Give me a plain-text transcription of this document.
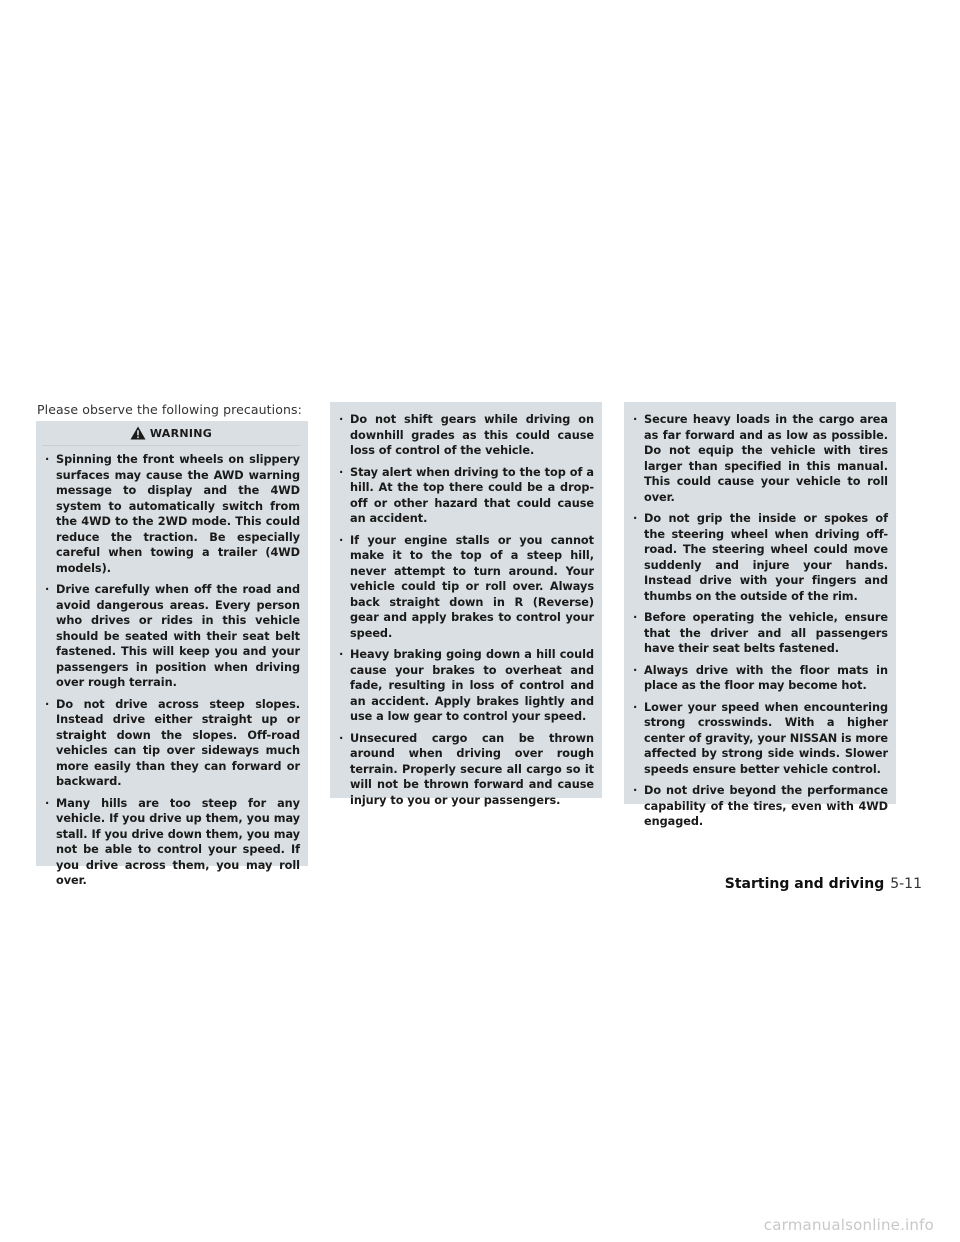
Please observe the following precautions:
WARNING
· Spinning the front wheels on slippery surfaces may cause the AWD warning message to display and the 4WD system to automatically switch from the 4WD to the 2WD mode. This could reduce the traction. Be especially careful when towing a trailer (4WD models).
· Drive carefully when off the road and avoid dangerous areas. Every person who drives or rides in this vehicle should be seated with their seat belt fastened. This will keep you and your passengers in position when driving over rough terrain.
· Do not drive across steep slopes. Instead drive either straight up or straight down the slopes. Off-road vehicles can tip over sideways much more easily than they can forward or backward.
· Many hills are too steep for any vehicle. If you drive up them, you may stall. If you drive down them, you may not be able to control your speed. If you drive across them, you may roll over.
· Do not shift gears while driving on downhill grades as this could cause loss of control of the vehicle.
· Stay alert when driving to the top of a hill. At the top there could be a drop-off or other hazard that could cause an accident.
· If your engine stalls or you cannot make it to the top of a steep hill, never attempt to turn around. Your vehicle could tip or roll over. Always back straight down in R (Reverse) gear and apply brakes to control your speed.
· Heavy braking going down a hill could cause your brakes to overheat and fade, resulting in loss of control and an accident. Apply brakes lightly and use a low gear to control your speed.
· Unsecured cargo can be thrown around when driving over rough terrain. Properly secure all cargo so it will not be thrown forward and cause injury to you or your passengers.
· Secure heavy loads in the cargo area as far forward and as low as possible. Do not equip the vehicle with tires larger than specified in this manual. This could cause your vehicle to roll over.
· Do not grip the inside or spokes of the steering wheel when driving off-road. The steering wheel could move suddenly and injure your hands. Instead drive with your fingers and thumbs on the outside of the rim.
· Before operating the vehicle, ensure that the driver and all passengers have their seat belts fastened.
· Always drive with the floor mats in place as the floor may become hot.
· Lower your speed when encountering strong crosswinds. With a higher center of gravity, your NISSAN is more affected by strong side winds. Slower speeds ensure better vehicle control.
· Do not drive beyond the performance capability of the tires, even with 4WD engaged.
Starting and driving 5-11
carmanualsonline.info
